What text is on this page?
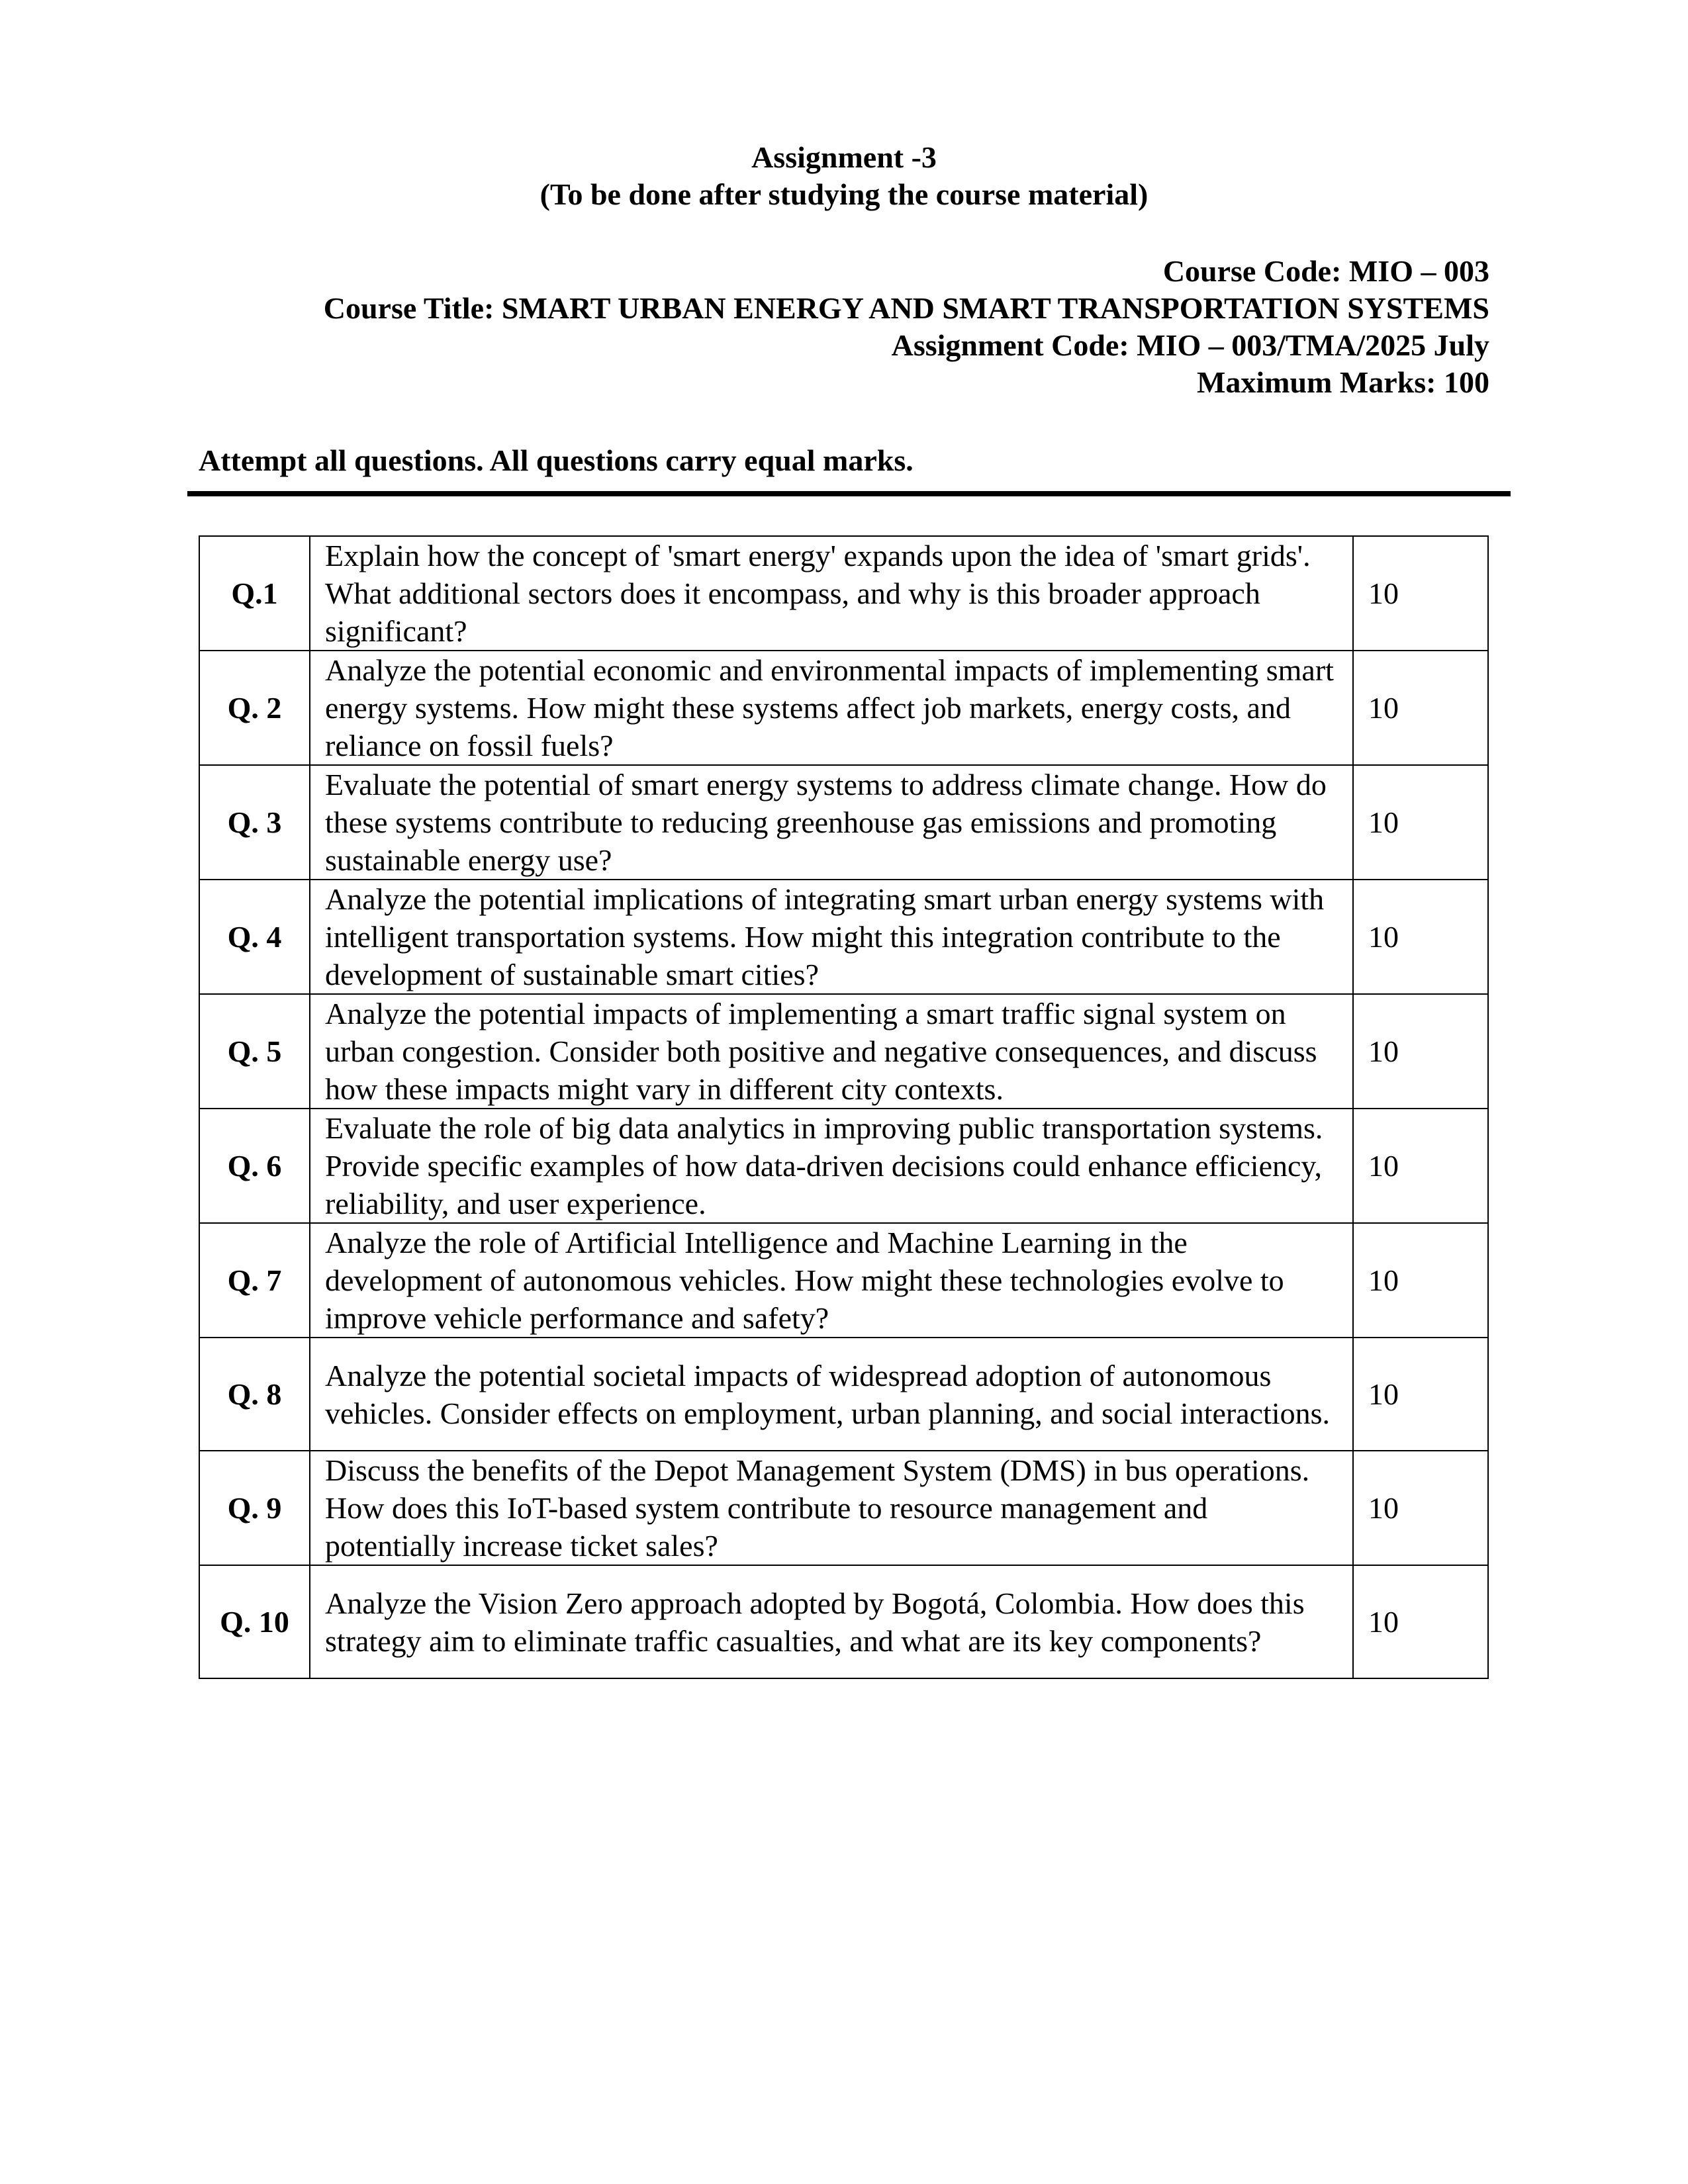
Assignment -3
(To be done after studying the course material)
Course Code: MIO – 003
Course Title: SMART URBAN ENERGY AND SMART TRANSPORTATION SYSTEMS
Assignment Code: MIO – 003/TMA/2025 July
Maximum Marks: 100
Attempt all questions. All questions carry equal marks.
Q.1	Explain how the concept of 'smart energy' expands upon the idea of 'smart grids'. What additional sectors does it encompass, and why is this broader approach significant?	10
Q. 2	Analyze the potential economic and environmental impacts of implementing smart energy systems. How might these systems affect job markets, energy costs, and reliance on fossil fuels?	10
Q. 3	Evaluate the potential of smart energy systems to address climate change. How do these systems contribute to reducing greenhouse gas emissions and promoting sustainable energy use?	10
Q. 4	Analyze the potential implications of integrating smart urban energy systems with intelligent transportation systems. How might this integration contribute to the development of sustainable smart cities?	10
Q. 5	Analyze the potential impacts of implementing a smart traffic signal system on urban congestion. Consider both positive and negative consequences, and discuss how these impacts might vary in different city contexts.	10
Q. 6	Evaluate the role of big data analytics in improving public transportation systems. Provide specific examples of how data-driven decisions could enhance efficiency, reliability, and user experience.	10
Q. 7	Analyze the role of Artificial Intelligence and Machine Learning in the development of autonomous vehicles. How might these technologies evolve to improve vehicle performance and safety?	10
Q. 8	Analyze the potential societal impacts of widespread adoption of autonomous vehicles. Consider effects on employment, urban planning, and social interactions.	10
Q. 9	Discuss the benefits of the Depot Management System (DMS) in bus operations. How does this IoT-based system contribute to resource management and potentially increase ticket sales?	10
Q. 10	Analyze the Vision Zero approach adopted by Bogotá, Colombia. How does this strategy aim to eliminate traffic casualties, and what are its key components?	10
